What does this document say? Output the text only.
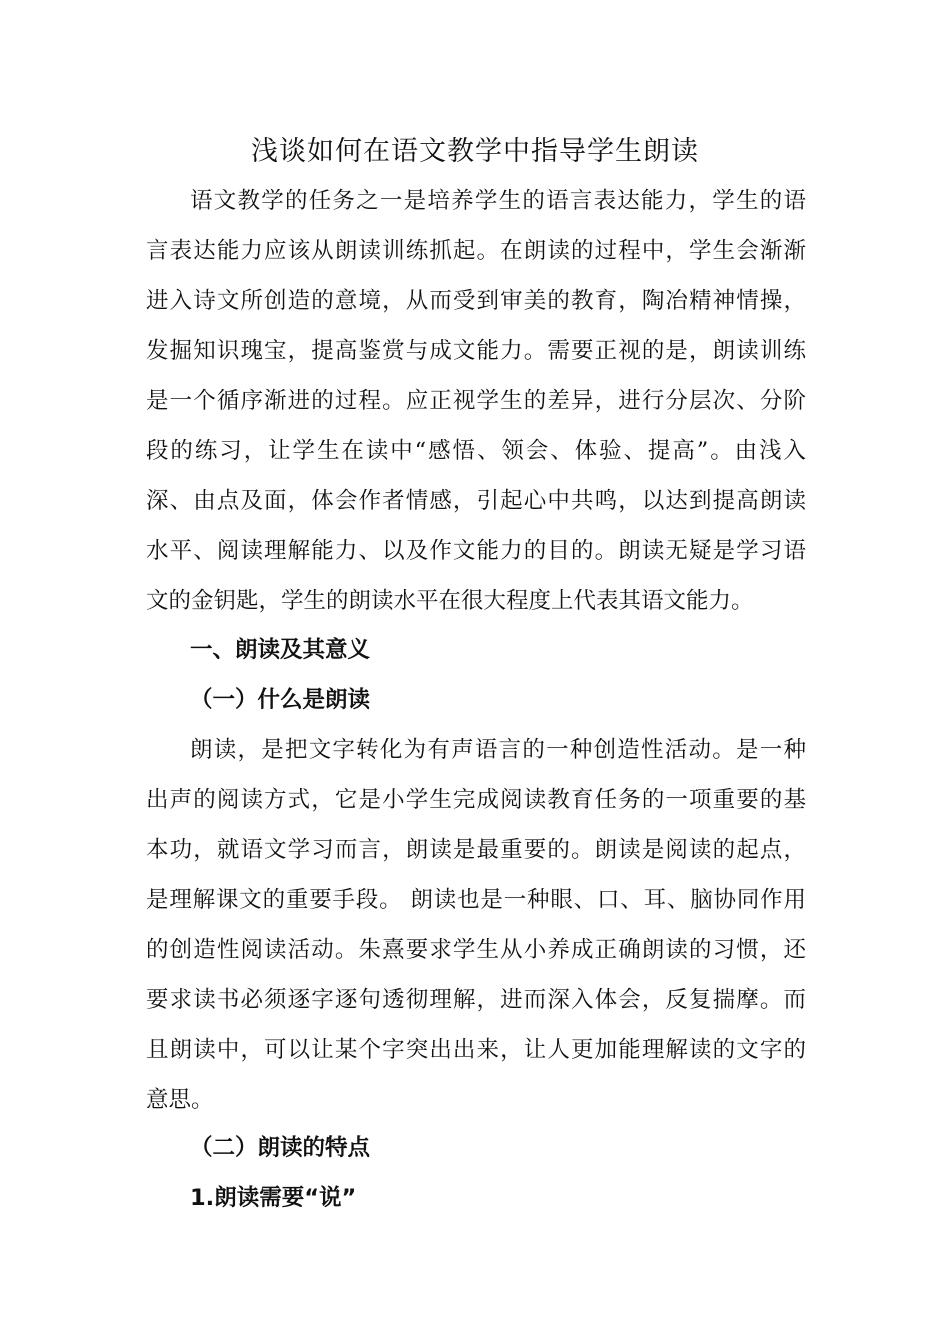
浅谈如何在语文教学中指导学生朗读
语文教学的任务之一是培养学生的语言表达能力，学生的语
言表达能力应该从朗读训练抓起。在朗读的过程中，学生会渐渐
进入诗文所创造的意境，从而受到审美的教育，陶冶精神情操，
发掘知识瑰宝，提高鉴赏与成文能力。需要正视的是，朗读训练
是一个循序渐进的过程。应正视学生的差异，进行分层次、分阶
段的练习，让学生在读中“感悟、领会、体验、提高”。由浅入
深、由点及面，体会作者情感，引起心中共鸣，以达到提高朗读
水平、阅读理解能力、以及作文能力的目的。朗读无疑是学习语
文的金钥匙，学生的朗读水平在很大程度上代表其语文能力。
一、朗读及其意义
（一）什么是朗读
朗读，是把文字转化为有声语言的一种创造性活动。是一种
出声的阅读方式，它是小学生完成阅读教育任务的一项重要的基
本功，就语文学习而言，朗读是最重要的。朗读是阅读的起点，
是理解课文的重要手段。 朗读也是一种眼、口、耳、脑协同作用
的创造性阅读活动。朱熹要求学生从小养成正确朗读的习惯，还
要求读书必须逐字逐句透彻理解，进而深入体会，反复揣摩。而
且朗读中，可以让某个字突出出来，让人更加能理解读的文字的
意思。
（二）朗读的特点
1.朗读需要“说”
